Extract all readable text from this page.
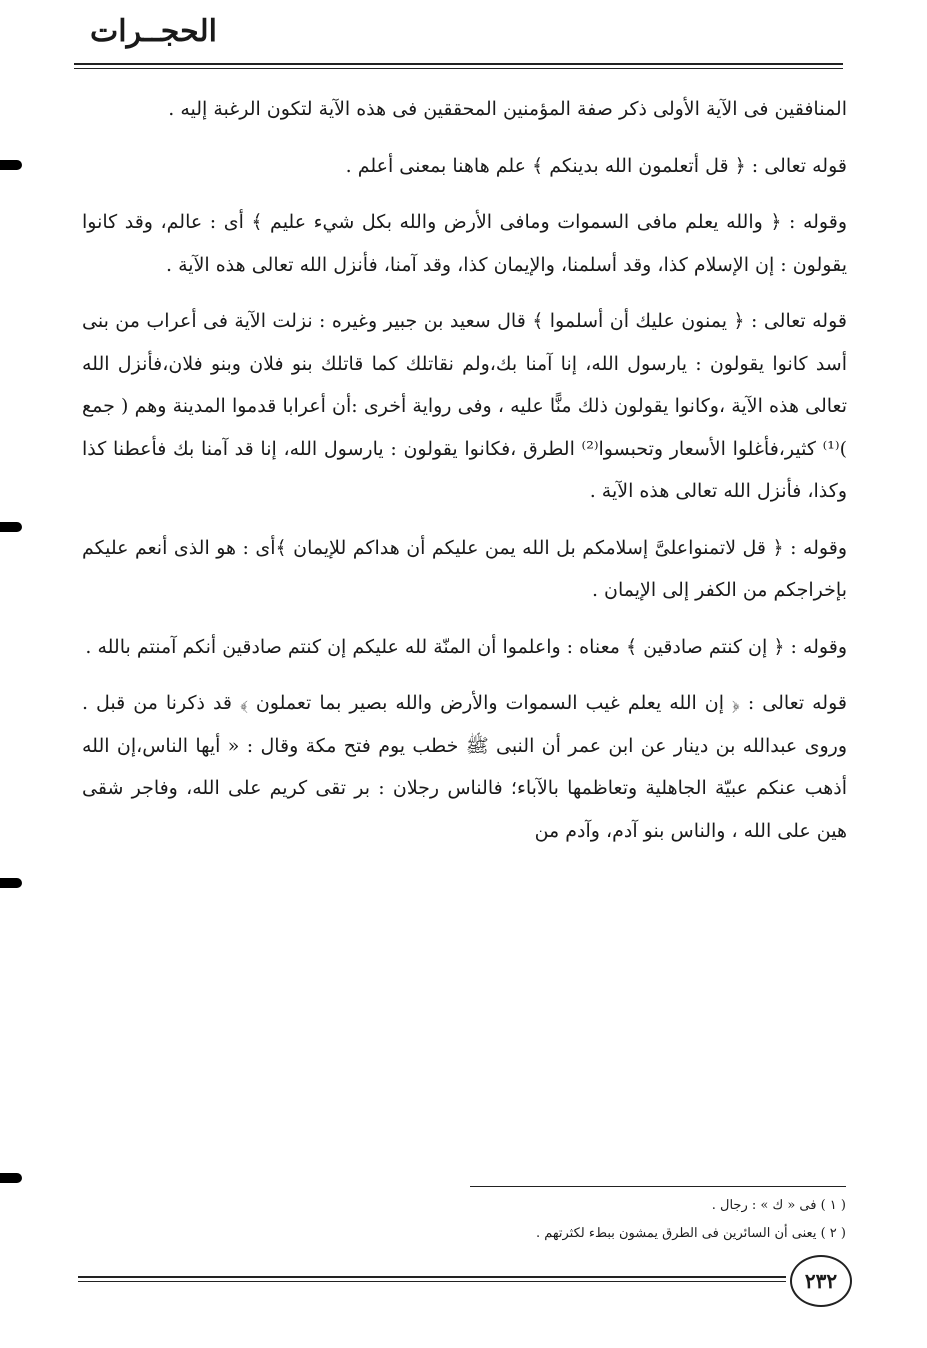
الحجــرات

المنافقين فى الآية الأولى ذكر صفة المؤمنين المحققين فى هذه الآية لتكون الرغبة إليه .

قوله تعالى : ﴿ قل أتعلمون الله بدينكم ﴾ علم هاهنا بمعنى أعلم .

وقوله : ﴿ والله يعلم مافى السموات ومافى الأرض والله بكل شيء عليم ﴾ أى : عالم، وقد كانوا يقولون : إن الإسلام كذا، وقد أسلمنا، والإيمان كذا، وقد آمنا، فأنزل الله تعالى هذه الآية .

قوله تعالى : ﴿ يمنون عليك أن أسلموا ﴾ قال سعيد بن جبير وغيره : نزلت الآية فى أعراب من بنى أسد كانوا يقولون : يارسول الله، إنا آمنا بك،ولم نقاتلك كما قاتلك بنو فلان وبنو فلان،فأنزل الله تعالى هذه الآية ،وكانوا يقولون ذلك منًّا عليه ، وفى رواية أخرى :أن أعرابا قدموا المدينة وهم ( جمع )⁽¹⁾ كثير،فأغلوا الأسعار وتحبسوا⁽²⁾ الطرق ،فكانوا يقولون : يارسول الله، إنا قد آمنا بك فأعطنا كذا وكذا، فأنزل الله تعالى هذه الآية .

وقوله : ﴿ قل لاتمنواعلىَّ إسلامكم بل الله يمن عليكم أن هداكم للإيمان ﴾أى : هو الذى أنعم عليكم بإخراجكم من الكفر إلى الإيمان .

وقوله : ﴿ إن كنتم صادقين ﴾ معناه : واعلموا أن المنّة لله عليكم إن كنتم صادقين أنكم آمنتم بالله .

قوله تعالى : ﴿ إن الله يعلم غيب السموات والأرض والله بصير بما تعملون ﴾ قد ذكرنا من قبل . وروى عبدالله بن دينار عن ابن عمر أن النبى ﷺ خطب يوم فتح مكة وقال : « أيها الناس،إن الله أذهب عنكم عبيّة الجاهلية وتعاظمها بالآباء؛ فالناس رجلان : بر تقى كريم على الله، وفاجر شقى هين على الله ، والناس بنو آدم، وآدم من

( ١ ) فى « ك » : رجال .

( ٢ ) يعنى أن السائرين فى الطرق يمشون ببطء لكثرتهم .

٢٣٢
